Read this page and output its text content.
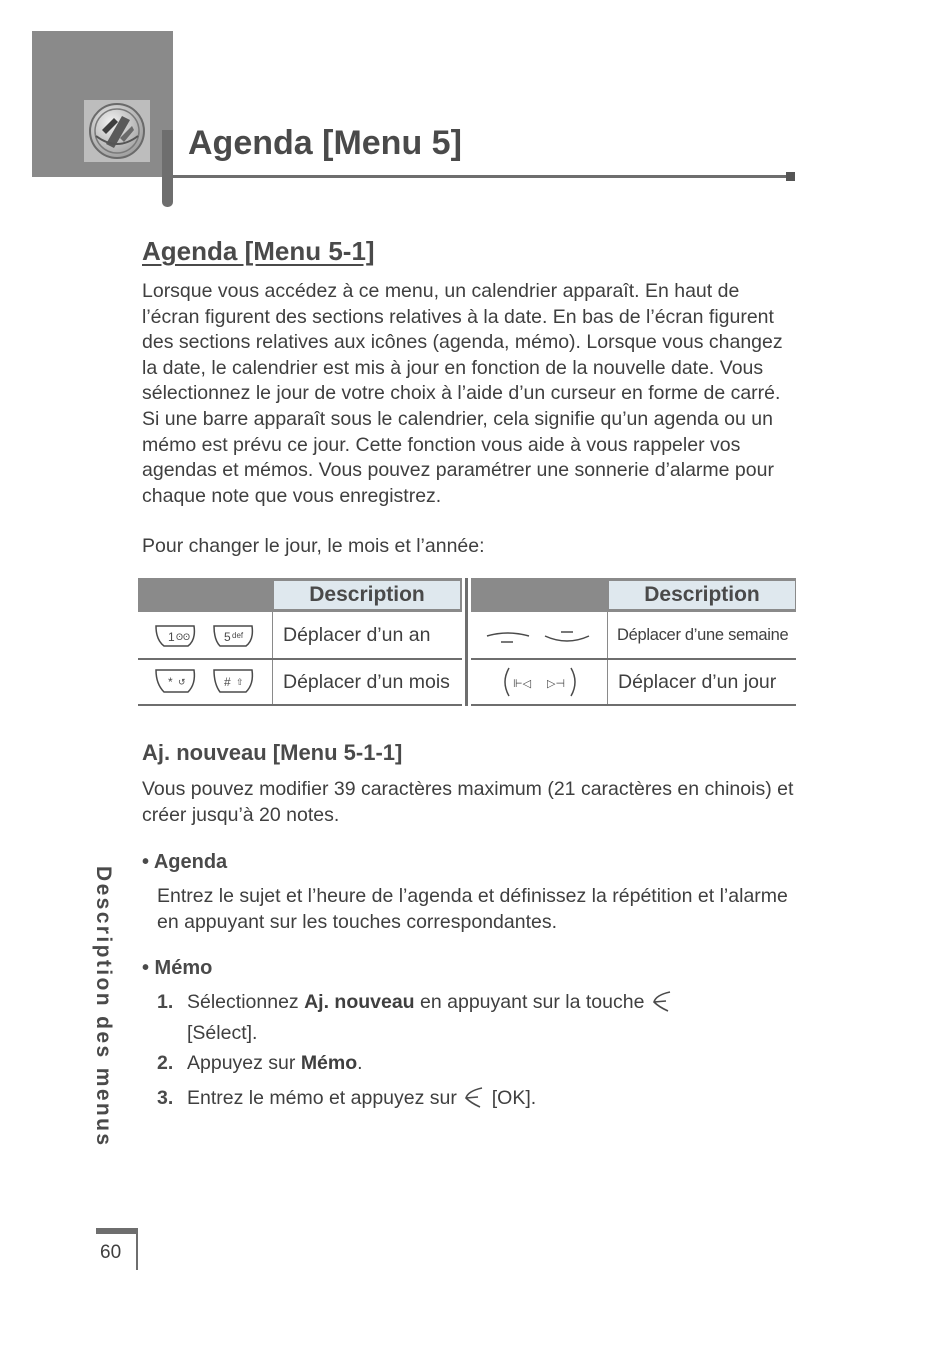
Agenda [Menu 5]
Agenda [Menu 5-1]

Lorsque vous accédez à ce menu, un calendrier apparaît. En haut de l’écran figurent des sections relatives à la date. En bas de l’écran figurent des sections relatives aux icônes (agenda, mémo). Lorsque vous changez la date, le calendrier est mis à jour en fonction de la nouvelle date. Vous sélectionnez le jour de votre choix à l’aide d’un curseur en forme de carré. Si une barre apparaît sous le calendrier, cela signifie qu’un agenda ou un mémo est prévu ce jour. Cette fonction vous aide à vous rappeler vos agendas et mémos. Vous pouvez paramétrer une sonnerie d’alarme pour chaque note que vous enregistrez.

Pour changer le jour, le mois et l’année:

Description
1 ʘʘ	5 def	Déplacer d’un an
* ↺	# ⇧	Déplacer d’un mois
Description
Déplacer d’une semaine
⊩◁ ▷⊣	Déplacer d’un jour
Aj. nouveau [Menu 5-1-1]

Vous pouvez modifier 39 caractères maximum (21 caractères en chinois) et créer jusqu’à 20 notes.

• Agenda

Entrez le sujet et l’heure de l’agenda et définissez la répétition et l’alarme en appuyant sur les touches correspondantes.

• Mémo
1. Sélectionnez Aj. nouveau en appuyant sur la touche
[Sélect].
2. Appuyez sur Mémo.
3. Entrez le mémo et appuyez sur [OK].
Description des menus
60
